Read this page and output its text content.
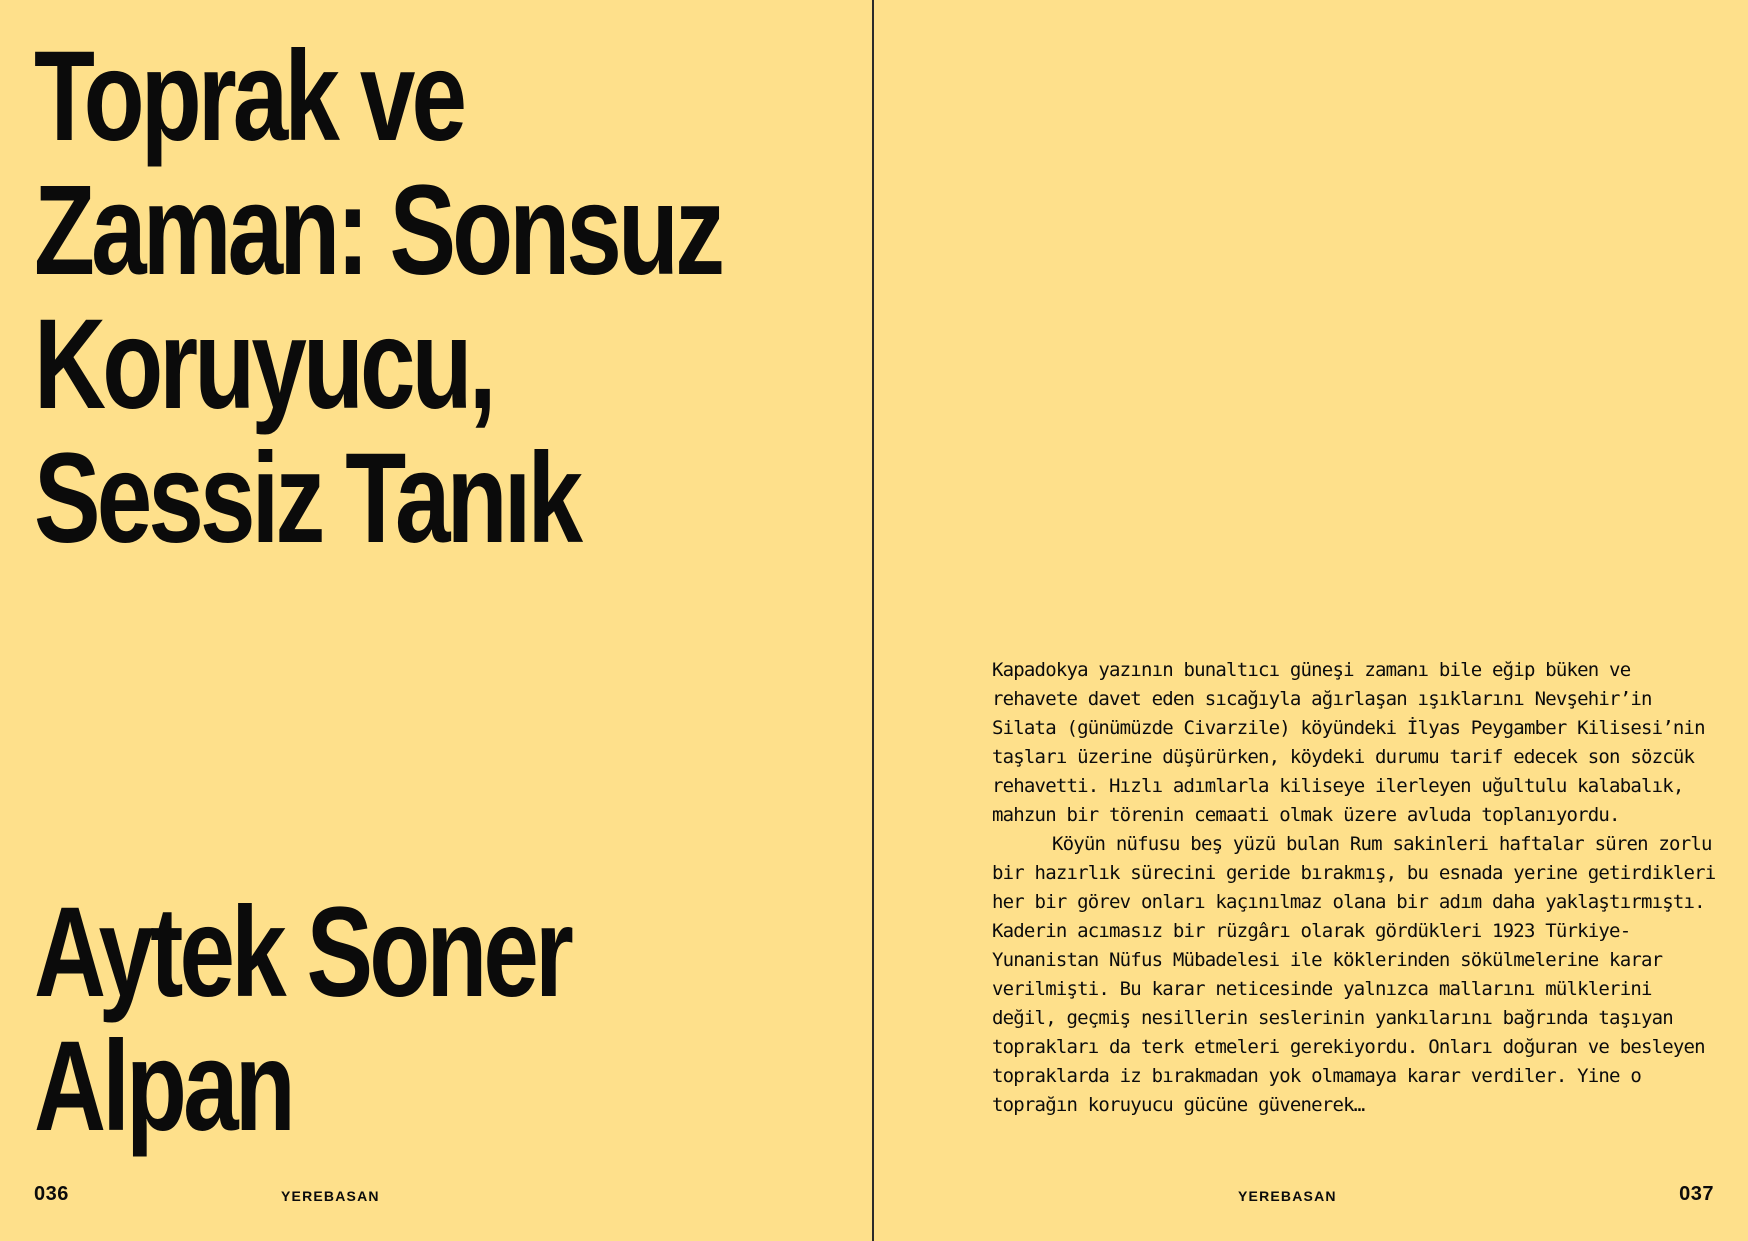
Toprak ve
Zaman: Sonsuz
Koruyucu,
Sessiz Tanık
Aytek Soner
Alpan
036	YEREBASAN

Kapadokya yazının bunaltıcı güneşi zamanı bile eğip büken ve rehavete davet eden sıcağıyla ağırlaşan ışıklarını Nevşehir’in Silata (günümüzde Civarzile) köyündeki İlyas Peygamber Kilisesi’nin taşları üzerine düşürürken, köydeki durumu tarif edecek son sözcük rehavetti. Hızlı adımlarla kiliseye ilerleyen uğultulu kalabalık, mahzun bir törenin cemaati olmak üzere avluda toplanıyordu.

Köyün nüfusu beş yüzü bulan Rum sakinleri haftalar süren zorlu bir hazırlık sürecini geride bırakmış, bu esnada yerine getirdikleri her bir görev onları kaçınılmaz olana bir adım daha yaklaştırmıştı. Kaderin acımasız bir rüzgârı olarak gördükleri 1923 Türkiye-Yunanistan Nüfus Mübadelesi ile köklerinden sökülmelerine karar verilmişti. Bu karar neticesinde yalnızca mallarını mülklerini değil, geçmiş nesillerin seslerinin yankılarını bağrında taşıyan toprakları da terk etmeleri gerekiyordu. Onları doğuran ve besleyen topraklarda iz bırakmadan yok olmamaya karar verdiler. Yine o toprağın koruyucu gücüne güvenerek…

YEREBASAN	037
